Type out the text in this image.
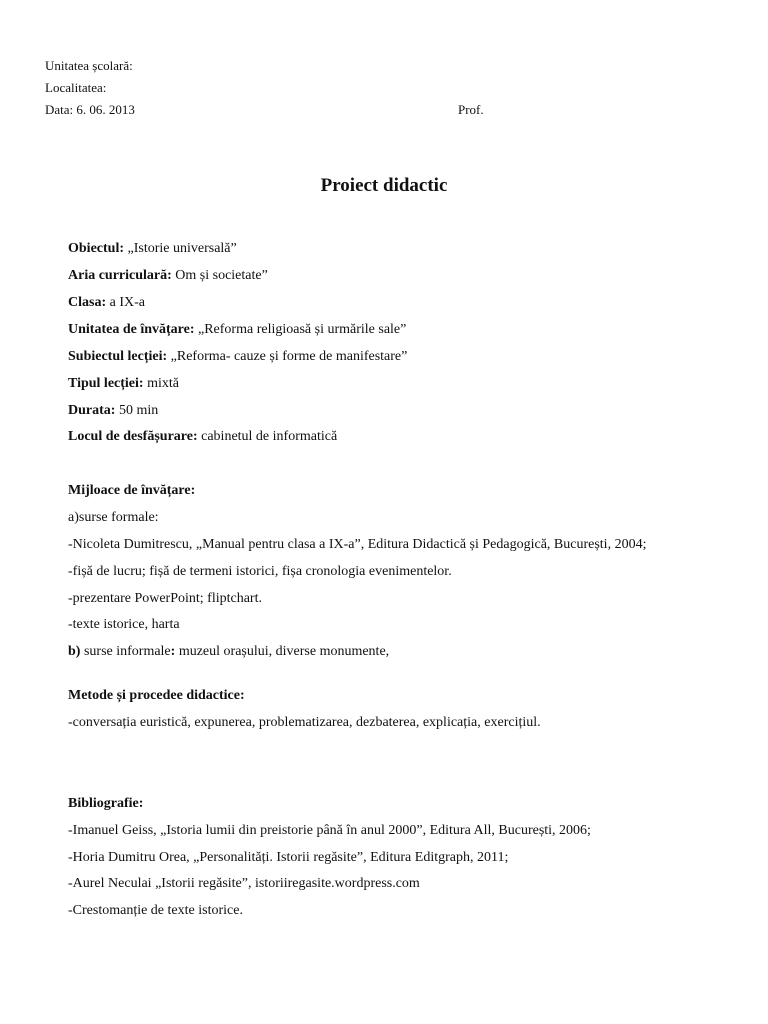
Unitatea școlară:
Localitatea:
Data: 6. 06. 2013	Prof.
Proiect didactic
Obiectul: „Istorie universală”
Aria curriculară: Om și societate”
Clasa: a IX-a
Unitatea de învățare: „Reforma religioasă și urmările sale”
Subiectul lecției: „Reforma- cauze și forme de manifestare”
Tipul lecției: mixtă
Durata: 50 min
Locul de desfășurare: cabinetul de informatică
Mijloace de învățare:
a)surse formale:
-Nicoleta Dumitrescu, „Manual pentru clasa a IX-a”, Editura Didactică și Pedagogică, București, 2004;
-fișă de lucru; fișă de termeni istorici, fișa cronologia evenimentelor.
-prezentare PowerPoint; fliptchart.
-texte istorice, harta
b) surse informale: muzeul orașului, diverse monumente,
Metode și procedee didactice:
-conversația euristică, expunerea, problematizarea, dezbaterea, explicația, exercițiul.
Bibliografie:
-Imanuel Geiss, „Istoria lumii din preistorie până în anul 2000”, Editura All, București, 2006;
-Horia Dumitru Orea, „Personalități. Istorii regăsite”, Editura Editgraph, 2011;
-Aurel Neculai „Istorii regăsite”, istoriiregasite.wordpress.com
-Crestomanție de texte istorice.
